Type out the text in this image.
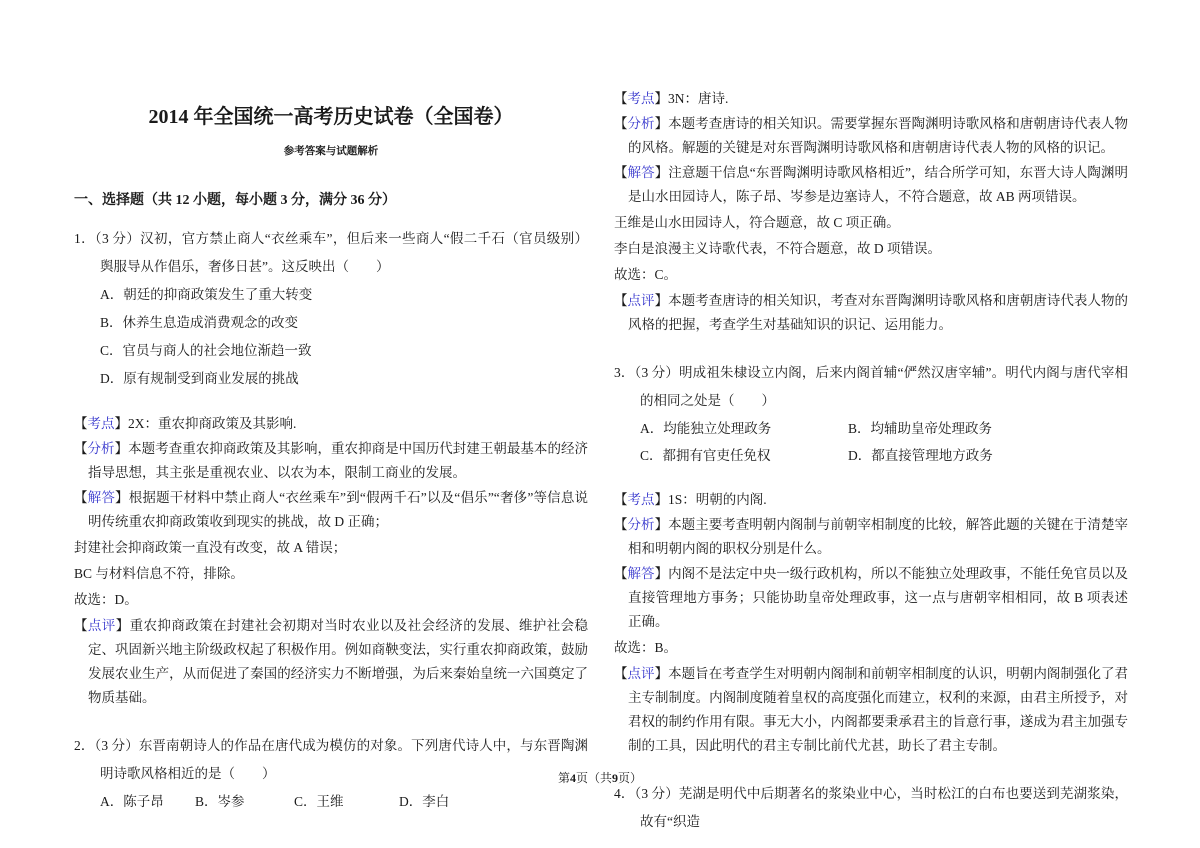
2014 年全国统一高考历史试卷（全国卷）
参考答案与试题解析
一、选择题（共 12 小题，每小题 3 分，满分 36 分）

1．（3 分）汉初，官方禁止商人“衣丝乘车”，但后来一些商人“假二千石（官员级别）舆服导从作倡乐，奢侈日甚”。这反映出（　　）

A．朝廷的抑商政策发生了重大转变

B．休养生息造成消费观念的改变

C．官员与商人的社会地位渐趋一致

D．原有规制受到商业发展的挑战

【考点】2X：重农抑商政策及其影响.

【分析】本题考查重农抑商政策及其影响，重农抑商是中国历代封建王朝最基本的经济指导思想，其主张是重视农业、以农为本，限制工商业的发展。

【解答】根据题干材料中禁止商人“衣丝乘车”到“假两千石”以及“倡乐”“奢侈”等信息说明传统重农抑商政策收到现实的挑战，故 D 正确；

封建社会抑商政策一直没有改变，故 A 错误；

BC 与材料信息不符，排除。

故选：D。

【点评】重农抑商政策在封建社会初期对当时农业以及社会经济的发展、维护社会稳定、巩固新兴地主阶级政权起了积极作用。例如商鞅变法，实行重农抑商政策，鼓励发展农业生产，从而促进了秦国的经济实力不断增强，为后来秦始皇统一六国奠定了物质基础。

2．（3 分）东晋南朝诗人的作品在唐代成为模仿的对象。下列唐代诗人中，与东晋陶渊明诗歌风格相近的是（　　）

A．陈子昂	B．岑参	C．王维	D．李白

【考点】3N：唐诗.

【分析】本题考查唐诗的相关知识。需要掌握东晋陶渊明诗歌风格和唐朝唐诗代表人物的风格。解题的关键是对东晋陶渊明诗歌风格和唐朝唐诗代表人物的风格的识记。

【解答】注意题干信息“东晋陶渊明诗歌风格相近”，结合所学可知，东晋大诗人陶渊明是山水田园诗人，陈子昂、岑参是边塞诗人，不符合题意，故 AB 两项错误。

王维是山水田园诗人，符合题意，故 C 项正确。

李白是浪漫主义诗歌代表，不符合题意，故 D 项错误。

故选：C。

【点评】本题考查唐诗的相关知识，考查对东晋陶渊明诗歌风格和唐朝唐诗代表人物的风格的把握，考查学生对基础知识的识记、运用能力。

3．（3 分）明成祖朱棣设立内阁，后来内阁首辅“俨然汉唐宰辅”。明代内阁与唐代宰相的相同之处是（　　）

A．均能独立处理政务	B．均辅助皇帝处理政务
C．都拥有官吏任免权	D．都直接管理地方政务

【考点】1S：明朝的内阁.

【分析】本题主要考查明朝内阁制与前朝宰相制度的比较，解答此题的关键在于清楚宰相和明朝内阁的职权分别是什么。

【解答】内阁不是法定中央一级行政机构，所以不能独立处理政事，不能任免官员以及直接管理地方事务；只能协助皇帝处理政事，这一点与唐朝宰相相同，故 B 项表述正确。

故选：B。

【点评】本题旨在考查学生对明朝内阁制和前朝宰相制度的认识，明朝内阁制强化了君主专制制度。内阁制度随着皇权的高度强化而建立，权利的来源，由君主所授予，对君权的制约作用有限。事无大小，内阁都要秉承君主的旨意行事，遂成为君主加强专制的工具，因此明代的君主专制比前代尤甚，助长了君主专制。

4．（3 分）芜湖是明代中后期著名的浆染业中心，当时松江的白布也要送到芜湖浆染，故有“织造

第4页（共9页）
